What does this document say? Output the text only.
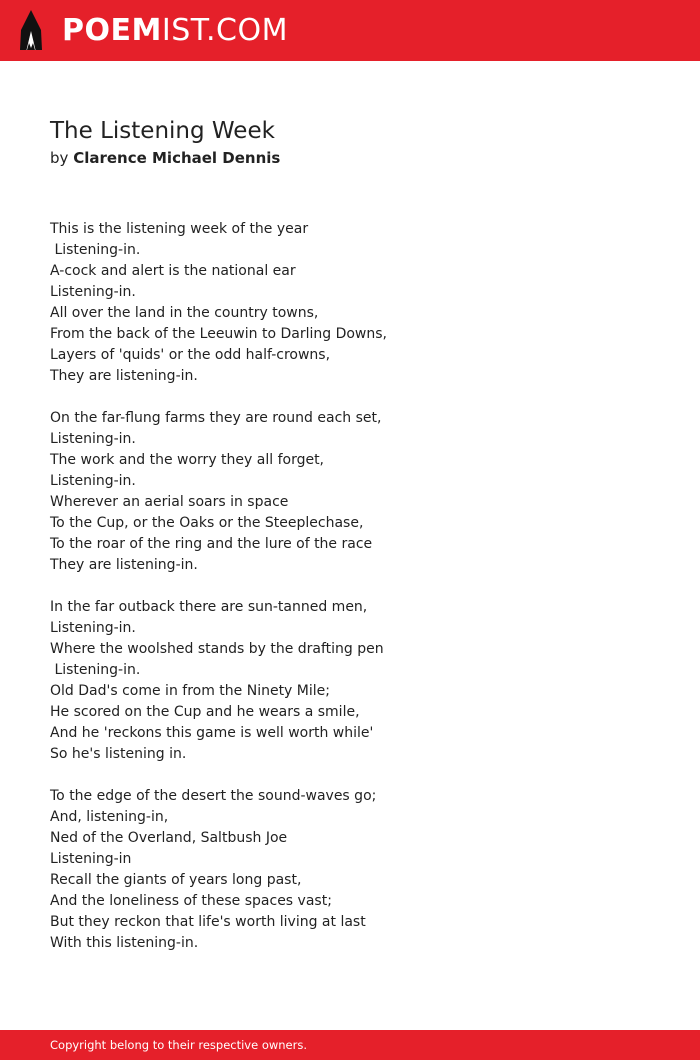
POEMIST.COM
The Listening Week
by Clarence Michael Dennis
This is the listening week of the year
Listening-in.
A-cock and alert is the national ear
Listening-in.
All over the land in the country towns,
From the back of the Leeuwin to Darling Downs,
Layers of 'quids' or the odd half-crowns,
They are listening-in.
On the far-flung farms they are round each set,
Listening-in.
The work and the worry they all forget,
Listening-in.
Wherever an aerial soars in space
To the Cup, or the Oaks or the Steeplechase,
To the roar of the ring and the lure of the race
They are listening-in.
In the far outback there are sun-tanned men,
Listening-in.
Where the woolshed stands by the drafting pen
Listening-in.
Old Dad's come in from the Ninety Mile;
He scored on the Cup and he wears a smile,
And he 'reckons this game is well worth while'
So he's listening in.
To the edge of the desert the sound-waves go;
And, listening-in,
Ned of the Overland, Saltbush Joe
Listening-in
Recall the giants of years long past,
And the loneliness of these spaces vast;
But they reckon that life's worth living at last
With this listening-in.
Copyright belong to their respective owners.
